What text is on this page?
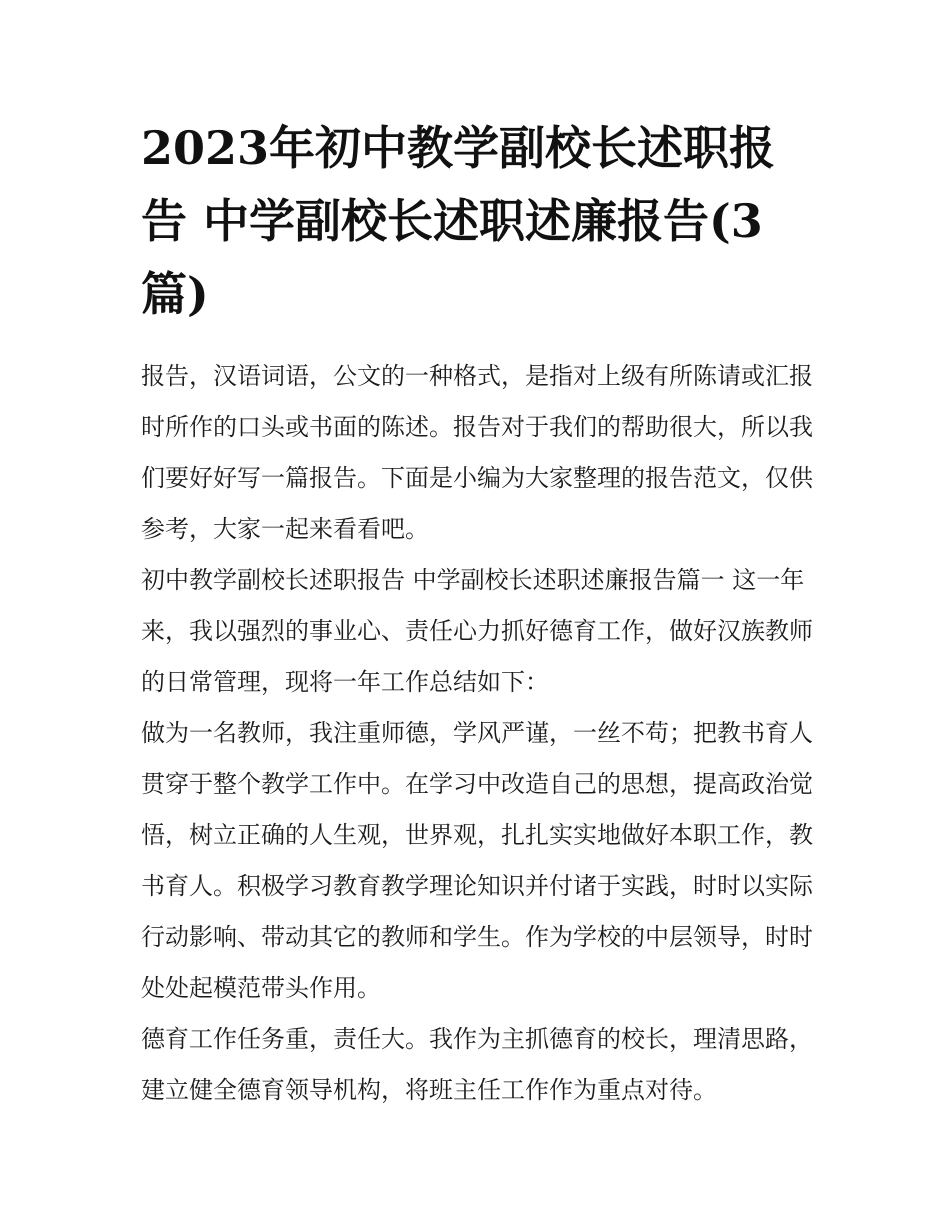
2023年初中教学副校长述职报告 中学副校长述职述廉报告(3篇)

报告，汉语词语，公文的一种格式，是指对上级有所陈请或汇报时所作的口头或书面的陈述。报告对于我们的帮助很大，所以我们要好好写一篇报告。下面是小编为大家整理的报告范文，仅供参考，大家一起来看看吧。

初中教学副校长述职报告 中学副校长述职述廉报告篇一 这一年来，我以强烈的事业心、责任心力抓好德育工作，做好汉族教师的日常管理，现将一年工作总结如下：

做为一名教师，我注重师德，学风严谨，一丝不苟；把教书育人贯穿于整个教学工作中。在学习中改造自己的思想，提高政治觉悟，树立正确的人生观，世界观，扎扎实实地做好本职工作，教书育人。积极学习教育教学理论知识并付诸于实践，时时以实际行动影响、带动其它的教师和学生。作为学校的中层领导，时时处处起模范带头作用。

德育工作任务重，责任大。我作为主抓德育的校长，理清思路，建立健全德育领导机构，将班主任工作作为重点对待。
